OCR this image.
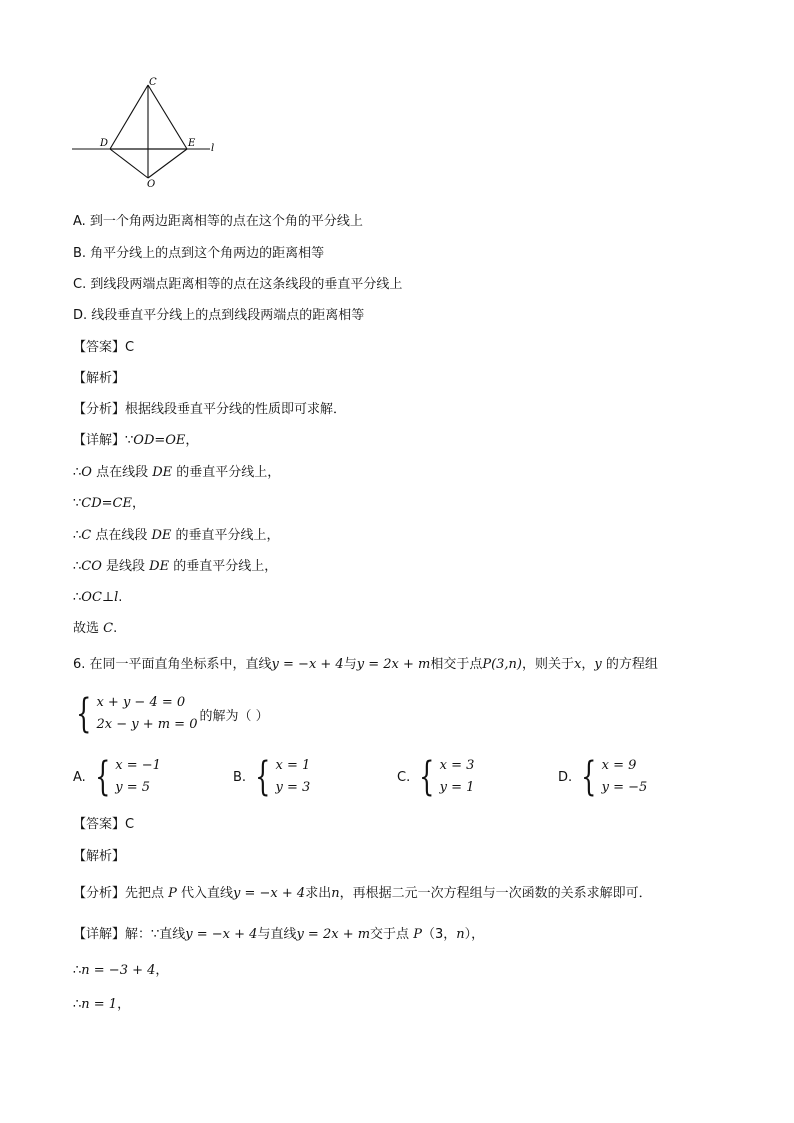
C
D	E
O
l
A. 到一个角两边距离相等的点在这个角的平分线上
B. 角平分线上的点到这个角两边的距离相等
C. 到线段两端点距离相等的点在这条线段的垂直平分线上
D. 线段垂直平分线上的点到线段两端点的距离相等
【答案】C
【解析】
【分析】根据线段垂直平分线的性质即可求解．
【详解】∵OD=OE，
∴O 点在线段 DE 的垂直平分线上，
∵CD=CE，
∴C 点在线段 DE 的垂直平分线上，
∴CO 是线段 DE 的垂直平分线上，
∴OC⊥l.
故选 C.
6. 在同一平面直角坐标系中，直线y = −x + 4与y = 2x + m相交于点P(3,n)，则关于x，y 的方程组
{ x + y − 4 = 0
2x − y + m = 0
的解为（ ）
A. { x = −1
y = 5
B. { x = 1
y = 3
C. { x = 3
y = 1
D. { x = 9
y = −5
【答案】C
【解析】
【分析】先把点 P 代入直线y = −x + 4求出n，再根据二元一次方程组与一次函数的关系求解即可．
【详解】解：∵直线y = −x + 4与直线y = 2x + m交于点 P（3，n），
∴n = −3 + 4，
∴n = 1，
